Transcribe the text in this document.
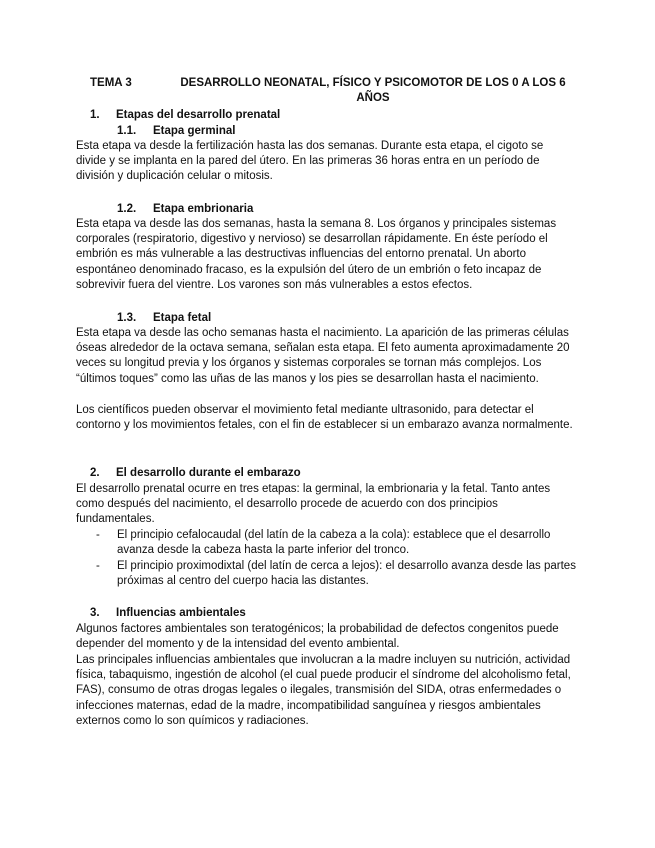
TEMA 3	DESARROLLO NEONATAL, FÍSICO Y PSICOMOTOR DE LOS 0 A LOS 6 AÑOS
1. Etapas del desarrollo prenatal
1.1. Etapa germinal

Esta etapa va desde la fertilización hasta las dos semanas. Durante esta etapa, el cigoto se divide y se implanta en la pared del útero. En las primeras 36 horas entra en un período de división y duplicación celular o mitosis.

1.2. Etapa embrionaria

Esta etapa va desde las dos semanas, hasta la semana 8. Los órganos y principales sistemas corporales (respiratorio, digestivo y nervioso) se desarrollan rápidamente. En éste período el embrión es más vulnerable a las destructivas influencias del entorno prenatal. Un aborto espontáneo denominado fracaso, es la expulsión del útero de un embrión o feto incapaz de sobrevivir fuera del vientre. Los varones son más vulnerables a estos efectos.

1.3. Etapa fetal

Esta etapa va desde las ocho semanas hasta el nacimiento. La aparición de las primeras células óseas alrededor de la octava semana, señalan esta etapa. El feto aumenta aproximadamente 20 veces su longitud previa y los órganos y sistemas corporales se tornan más complejos. Los “últimos toques” como las uñas de las manos y los pies se desarrollan hasta el nacimiento.

Los científicos pueden observar el movimiento fetal mediante ultrasonido, para detectar el contorno y los movimientos fetales, con el fin de establecer si un embarazo avanza normalmente.

2. El desarrollo durante el embarazo

El desarrollo prenatal ocurre en tres etapas: la germinal, la embrionaria y la fetal. Tanto antes como después del nacimiento, el desarrollo procede de acuerdo con dos principios fundamentales.

- El principio cefalocaudal (del latín de la cabeza a la cola): establece que el desarrollo avanza desde la cabeza hasta la parte inferior del tronco.
- El principio proximodixtal (del latín de cerca a lejos): el desarrollo avanza desde las partes próximas al centro del cuerpo hacia las distantes.
3. Influencias ambientales

Algunos factores ambientales son teratogénicos; la probabilidad de defectos congenitos puede depender del momento y de la intensidad del evento ambiental.

Las principales influencias ambientales que involucran a la madre incluyen su nutrición, actividad física, tabaquismo, ingestión de alcohol (el cual puede producir el síndrome del alcoholismo fetal, FAS), consumo de otras drogas legales o ilegales, transmisión del SIDA, otras enfermedades o infecciones maternas, edad de la madre, incompatibilidad sanguínea y riesgos ambientales externos como lo son químicos y radiaciones.
